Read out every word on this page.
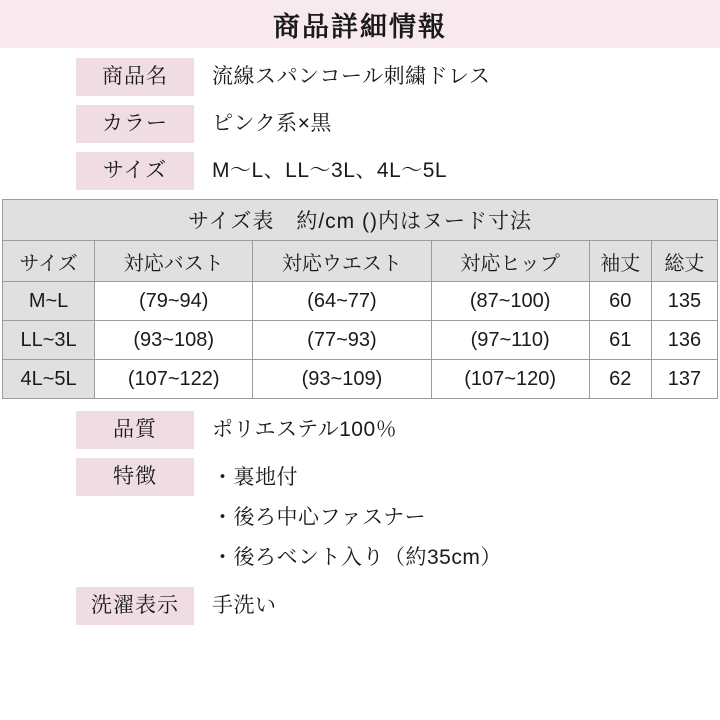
商品詳細情報
商品名	流線スパンコール刺繍ドレス
カラー	ピンク系×黒
サイズ	M〜L、LL〜3L、4L〜5L
サイズ表　約/cm ()内はヌード寸法					
サイズ	対応バスト	対応ウエスト	対応ヒップ	袖丈	総丈
M~L	(79~94)	(64~77)	(87~100)	60	135
LL~3L	(93~108)	(77~93)	(97~110)	61	136
4L~5L	(107~122)	(93~109)	(107~120)	62	137
品質	ポリエステル100％
特徴	・裏地付
・後ろ中心ファスナー
・後ろベント入り（約35cm）
洗濯表示	手洗い
